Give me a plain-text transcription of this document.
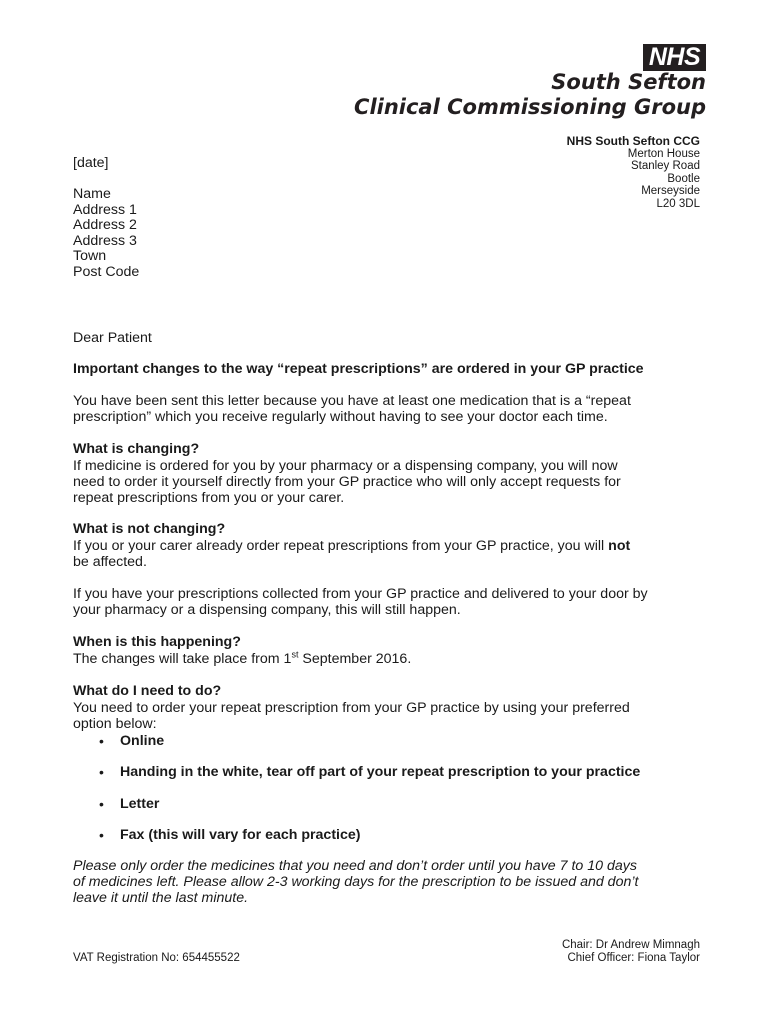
NHS
South Sefton
Clinical Commissioning Group
NHS South Sefton CCG
Merton House
Stanley Road
Bootle
Merseyside
L20 3DL
[date]
Name
Address 1
Address 2
Address 3
Town
Post Code
Dear Patient
Important changes to the way “repeat prescriptions” are ordered in your GP practice
You have been sent this letter because you have at least one medication that is a “repeat
prescription” which you receive regularly without having to see your doctor each time.
What is changing?
If medicine is ordered for you by your pharmacy or a dispensing company, you will now
need to order it yourself directly from your GP practice who will only accept requests for
repeat prescriptions from you or your carer.
What is not changing?
If you or your carer already order repeat prescriptions from your GP practice, you will not
be affected.
If you have your prescriptions collected from your GP practice and delivered to your door by
your pharmacy or a dispensing company, this will still happen.
When is this happening?
The changes will take place from 1st September 2016.
What do I need to do?
You need to order your repeat prescription from your GP practice by using your preferred
option below:
• Online
• Handing in the white, tear off part of your repeat prescription to your practice
• Letter
• Fax (this will vary for each practice)
Please only order the medicines that you need and don’t order until you have 7 to 10 days
of medicines left. Please allow 2-3 working days for the prescription to be issued and don’t
leave it until the last minute.
VAT Registration No: 654455522
Chair: Dr Andrew Mimnagh
Chief Officer: Fiona Taylor
